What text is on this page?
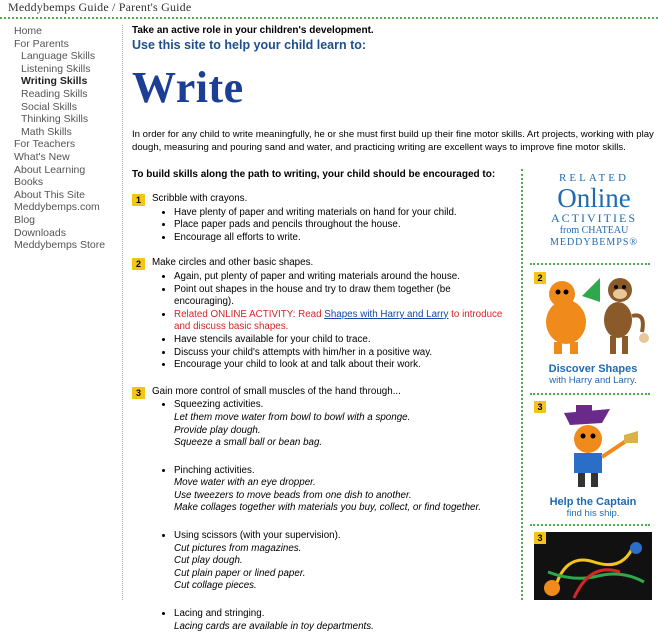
Meddybemps Guide / Parent's Guide
Home
For Parents
Language Skills
Listening Skills
Writing Skills
Reading Skills
Social Skills
Thinking Skills
Math Skills
For Teachers
What's New
About Learning
Books
About This Site
Meddybemps.com
Blog
Downloads
Meddybemps Store
Take an active role in your children's development.
Use this site to help your child learn to:
Write

In order for any child to write meaningfully, he or she must first build up their fine motor skills. Art projects, working with play dough, measuring and pouring sand and water, and practicing writing are excellent ways to improve fine motor skills.

To build skills along the path to writing, your child should be encouraged to:
1	Scribble with crayons.
• Have plenty of paper and writing materials on hand for your child.
• Place paper pads and pencils throughout the house.
• Encourage all efforts to write.
2	Make circles and other basic shapes.
• Again, put plenty of paper and writing materials around the house.
• Point out shapes in the house and try to draw them together (be encouraging).
• Related ONLINE ACTIVITY: Read Shapes with Harry and Larry to introduce and discuss basic shapes.
• Have stencils available for your child to trace.
• Discuss your child's attempts with him/her in a positive way.
• Encourage your child to look at and talk about their work.
3	Gain more control of small muscles of the hand through...
• Squeezing activities.
Let them move water from bowl to bowl with a sponge.
Provide play dough.
Squeeze a small ball or bean bag.
• Pinching activities.
Move water with an eye dropper.
Use tweezers to move beads from one dish to another.
Make collages together with materials you buy, collect, or find together.
• Using scissors (with your supervision).
Cut pictures from magazines.
Cut play dough.
Cut plain paper or lined paper.
Cut collage pieces.
• Lacing and stringing.
Lacing cards are available in toy departments.
RELATED
Online
ACTIVITIES
from CHATEAU
MEDDYBEMPS®
2
Discover Shapes
with Harry and Larry.
3
Help the Captain
find his ship.
3
